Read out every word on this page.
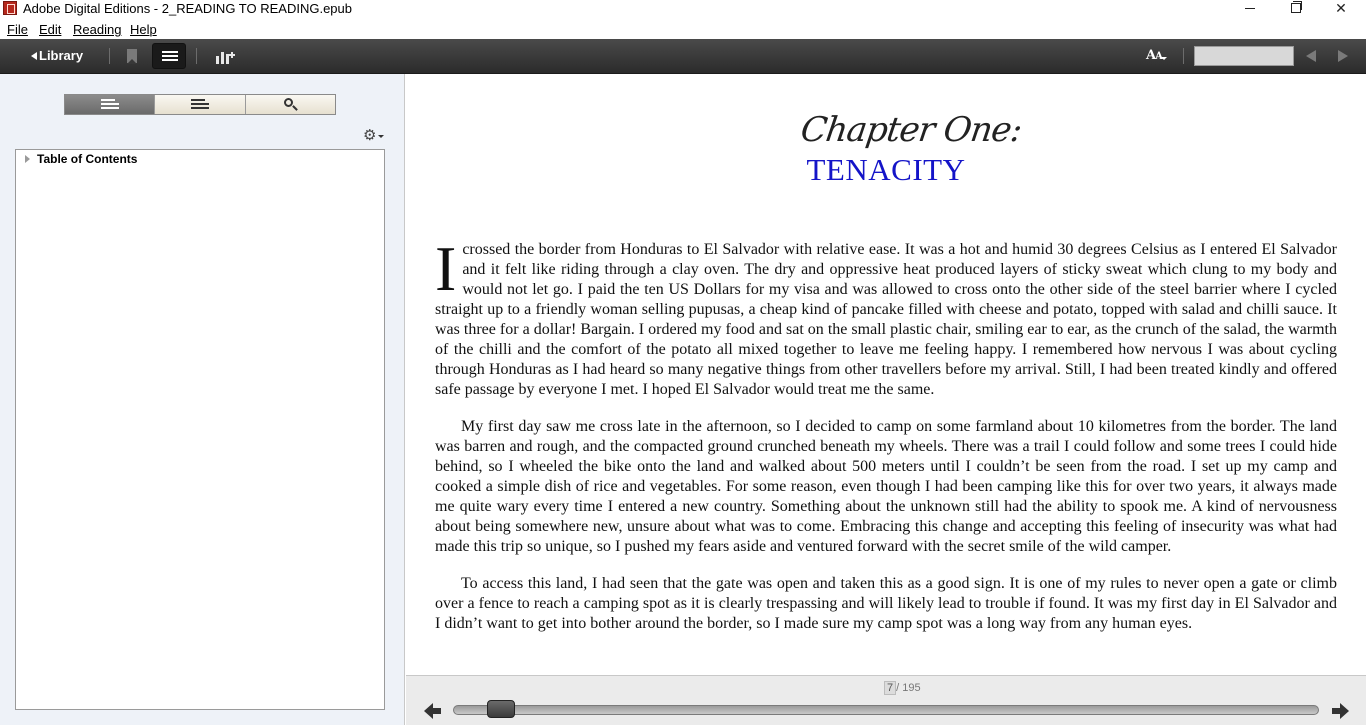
Adobe Digital Editions - 2_READING TO READING.epub	✕
File Edit Reading Help
Library	AA
⚙
Table of Contents
Chapter One:
TENACITY

Icrossed the border from Honduras to El Salvador with relative ease. It was a hot and humid 30 degrees Celsius as I entered El Salvador and it felt like riding through a clay oven. The dry and oppressive heat produced layers of sticky sweat which clung to my body and would not let go. I paid the ten US Dollars for my visa and was allowed to cross onto the other side of the steel barrier where I cycled straight up to a friendly woman selling pupusas, a cheap kind of pancake filled with cheese and potato, topped with salad and chilli sauce. It was three for a dollar! Bargain. I ordered my food and sat on the small plastic chair, smiling ear to ear, as the crunch of the salad, the warmth of the chilli and the comfort of the potato all mixed together to leave me feeling happy. I remembered how nervous I was about cycling through Honduras as I had heard so many negative things from other travellers before my arrival. Still, I had been treated kindly and offered safe passage by everyone I met. I hoped El Salvador would treat me the same.

My first day saw me cross late in the afternoon, so I decided to camp on some farmland about 10 kilometres from the border. The land was barren and rough, and the compacted ground crunched beneath my wheels. There was a trail I could follow and some trees I could hide behind, so I wheeled the bike onto the land and walked about 500 meters until I couldn’t be seen from the road. I set up my camp and cooked a simple dish of rice and vegetables. For some reason, even though I had been camping like this for over two years, it always made me quite wary every time I entered a new country. Something about the unknown still had the ability to spook me. A kind of nervousness about being somewhere new, unsure about what was to come. Embracing this change and accepting this feeling of insecurity was what had made this trip so unique, so I pushed my fears aside and ventured forward with the secret smile of the wild camper.

To access this land, I had seen that the gate was open and taken this as a good sign. It is one of my rules to never open a gate or climb over a fence to reach a camping spot as it is clearly trespassing and will likely lead to trouble if found. It was my first day in El Salvador and I didn’t want to get into bother around the border, so I made sure my camp spot was a long way from any human eyes.

7 / 195
